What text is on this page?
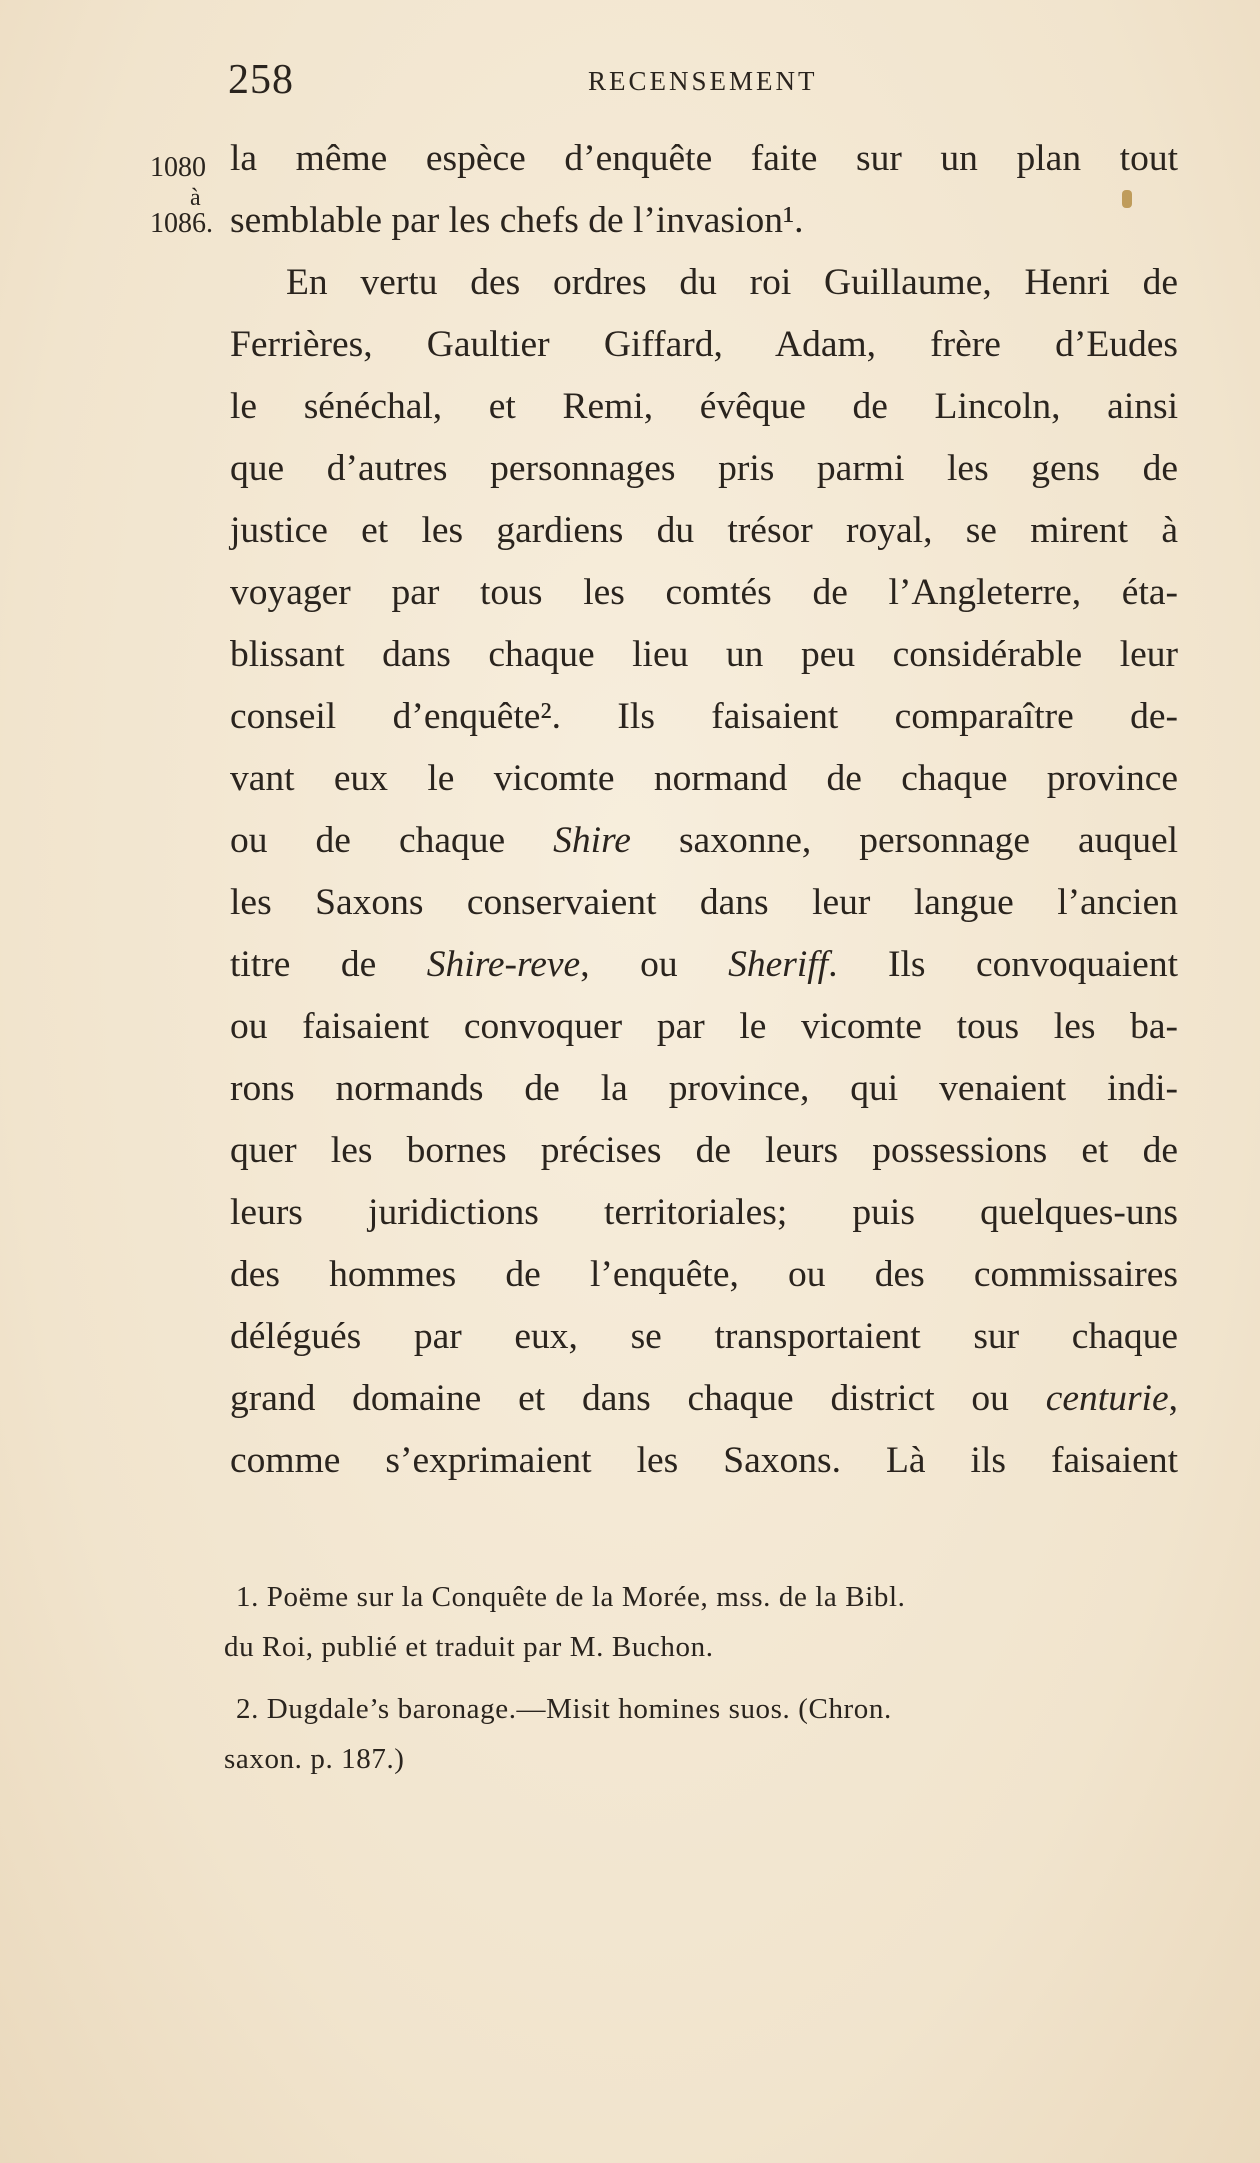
258	RECENSEMENT
1080
à
1086.
la même espèce d’enquête faite sur un plan tout
semblable par les chefs de l’invasion¹.
En vertu des ordres du roi Guillaume, Henri de
Ferrières, Gaultier Giffard, Adam, frère d’Eudes
le sénéchal, et Remi, évêque de Lincoln, ainsi
que d’autres personnages pris parmi les gens de
justice et les gardiens du trésor royal, se mirent à
voyager par tous les comtés de l’Angleterre, éta-
blissant dans chaque lieu un peu considérable leur
conseil d’enquête². Ils faisaient comparaître de-
vant eux le vicomte normand de chaque province
ou de chaque Shire saxonne, personnage auquel
les Saxons conservaient dans leur langue l’ancien
titre de Shire-reve, ou Sheriff. Ils convoquaient
ou faisaient convoquer par le vicomte tous les ba-
rons normands de la province, qui venaient indi-
quer les bornes précises de leurs possessions et de
leurs juridictions territoriales; puis quelques-uns
des hommes de l’enquête, ou des commissaires
délégués par eux, se transportaient sur chaque
grand domaine et dans chaque district ou centurie,
comme s’exprimaient les Saxons. Là ils faisaient
1. Poëme sur la Conquête de la Morée, mss. de la Bibl.
du Roi, publié et traduit par M. Buchon.
2. Dugdale’s baronage.—Misit homines suos. (Chron.
saxon. p. 187.)
